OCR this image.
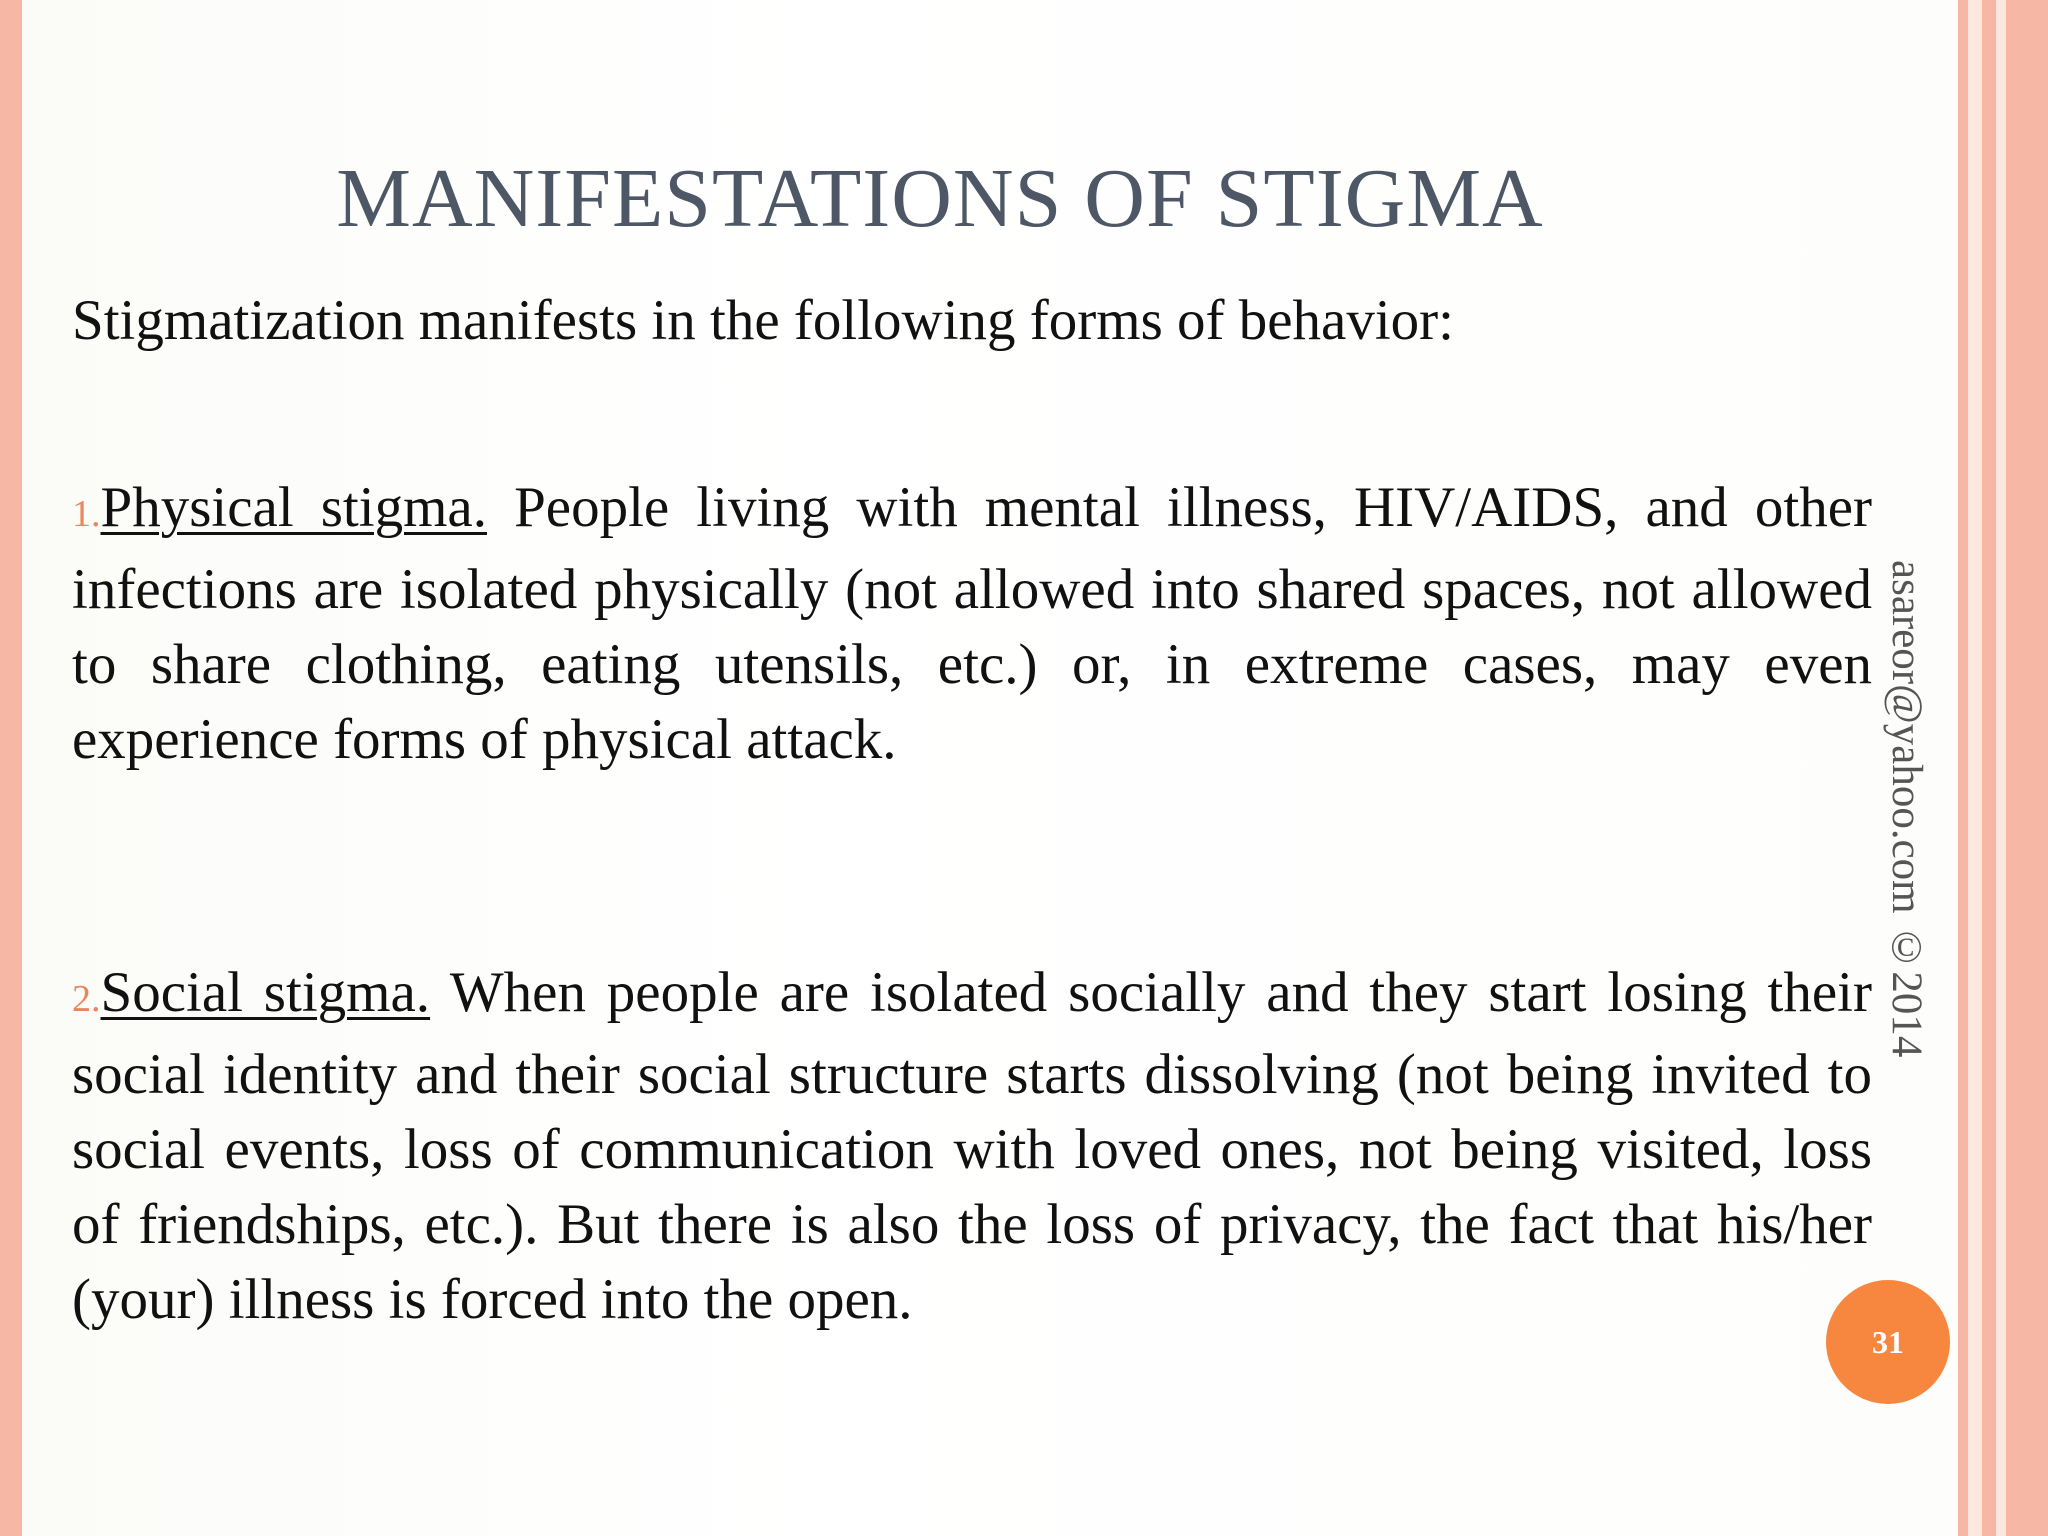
MANIFESTATIONS OF STIGMA
Stigmatization manifests in the following forms of behavior:
1.Physical stigma. People living with mental illness, HIV/AIDS, and other infections are isolated physically (not allowed into shared spaces, not allowed to share clothing, eating utensils, etc.) or, in extreme cases, may even experience forms of physical attack.
2.Social stigma. When people are isolated socially and they start losing their social identity and their social structure starts dissolving (not being invited to social events, loss of communication with loved ones, not being visited, loss of friendships, etc.). But there is also the loss of privacy, the fact that his/her (your) illness is forced into the open.
asareor@yahoo.com ©2014
31
